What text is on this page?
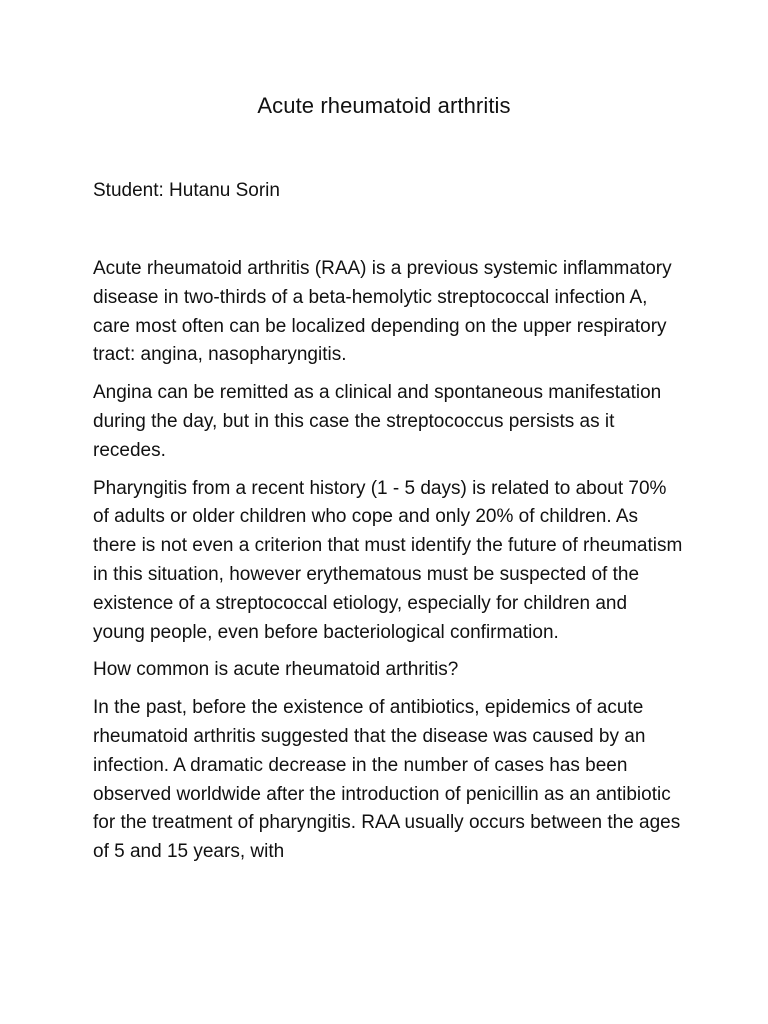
Acute rheumatoid arthritis
Student: Hutanu Sorin

Acute rheumatoid arthritis (RAA) is a previous systemic inflammatory disease in two-thirds of a beta-hemolytic streptococcal infection A, care most often can be localized depending on the upper respiratory tract: angina, nasopharyngitis.

Angina can be remitted as a clinical and spontaneous manifestation during the day, but in this case the streptococcus persists as it recedes.

Pharyngitis from a recent history (1 - 5 days) is related to about 70% of adults or older children who cope and only 20% of children. As there is not even a criterion that must identify the future of rheumatism in this situation, however erythematous must be suspected of the existence of a streptococcal etiology, especially for children and young people, even before bacteriological confirmation.

How common is acute rheumatoid arthritis?

In the past, before the existence of antibiotics, epidemics of acute rheumatoid arthritis suggested that the disease was caused by an infection. A dramatic decrease in the number of cases has been observed worldwide after the introduction of penicillin as an antibiotic for the treatment of pharyngitis. RAA usually occurs between the ages of 5 and 15 years, with
